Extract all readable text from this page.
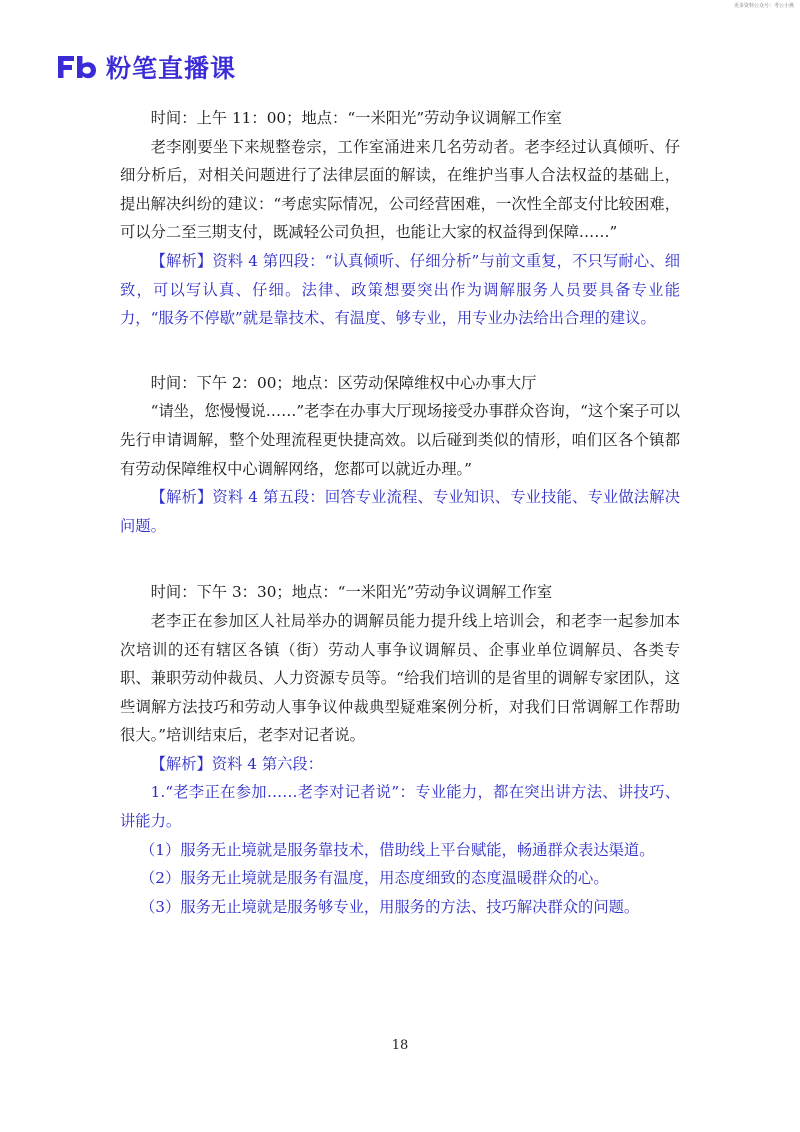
更多资料公众号：考公小燕
粉笔直播课

时间：上午 11：00；地点：“一米阳光”劳动争议调解工作室

老李刚要坐下来规整卷宗，工作室涌进来几名劳动者。老李经过认真倾听、仔细分析后，对相关问题进行了法律层面的解读，在维护当事人合法权益的基础上，提出解决纠纷的建议：“考虑实际情况，公司经营困难，一次性全部支付比较困难，可以分二至三期支付，既减轻公司负担，也能让大家的权益得到保障……”

【解析】资料 4 第四段：“认真倾听、仔细分析”与前文重复，不只写耐心、细致，可以写认真、仔细。法律、政策想要突出作为调解服务人员要具备专业能力，“服务不停歇”就是靠技术、有温度、够专业，用专业办法给出合理的建议。

时间：下午 2：00；地点：区劳动保障维权中心办事大厅

“请坐，您慢慢说……”老李在办事大厅现场接受办事群众咨询，“这个案子可以先行申请调解，整个处理流程更快捷高效。以后碰到类似的情形，咱们区各个镇都有劳动保障维权中心调解网络，您都可以就近办理。”

【解析】资料 4 第五段：回答专业流程、专业知识、专业技能、专业做法解决问题。

时间：下午 3：30；地点：“一米阳光”劳动争议调解工作室

老李正在参加区人社局举办的调解员能力提升线上培训会，和老李一起参加本次培训的还有辖区各镇（街）劳动人事争议调解员、企事业单位调解员、各类专职、兼职劳动仲裁员、人力资源专员等。“给我们培训的是省里的调解专家团队，这些调解方法技巧和劳动人事争议仲裁典型疑难案例分析，对我们日常调解工作帮助很大。”培训结束后，老李对记者说。

【解析】资料 4 第六段：

1.“老李正在参加……老李对记者说”：专业能力，都在突出讲方法、讲技巧、讲能力。

（1）服务无止境就是服务靠技术，借助线上平台赋能，畅通群众表达渠道。

（2）服务无止境就是服务有温度，用态度细致的态度温暖群众的心。

（3）服务无止境就是服务够专业，用服务的方法、技巧解决群众的问题。

18
